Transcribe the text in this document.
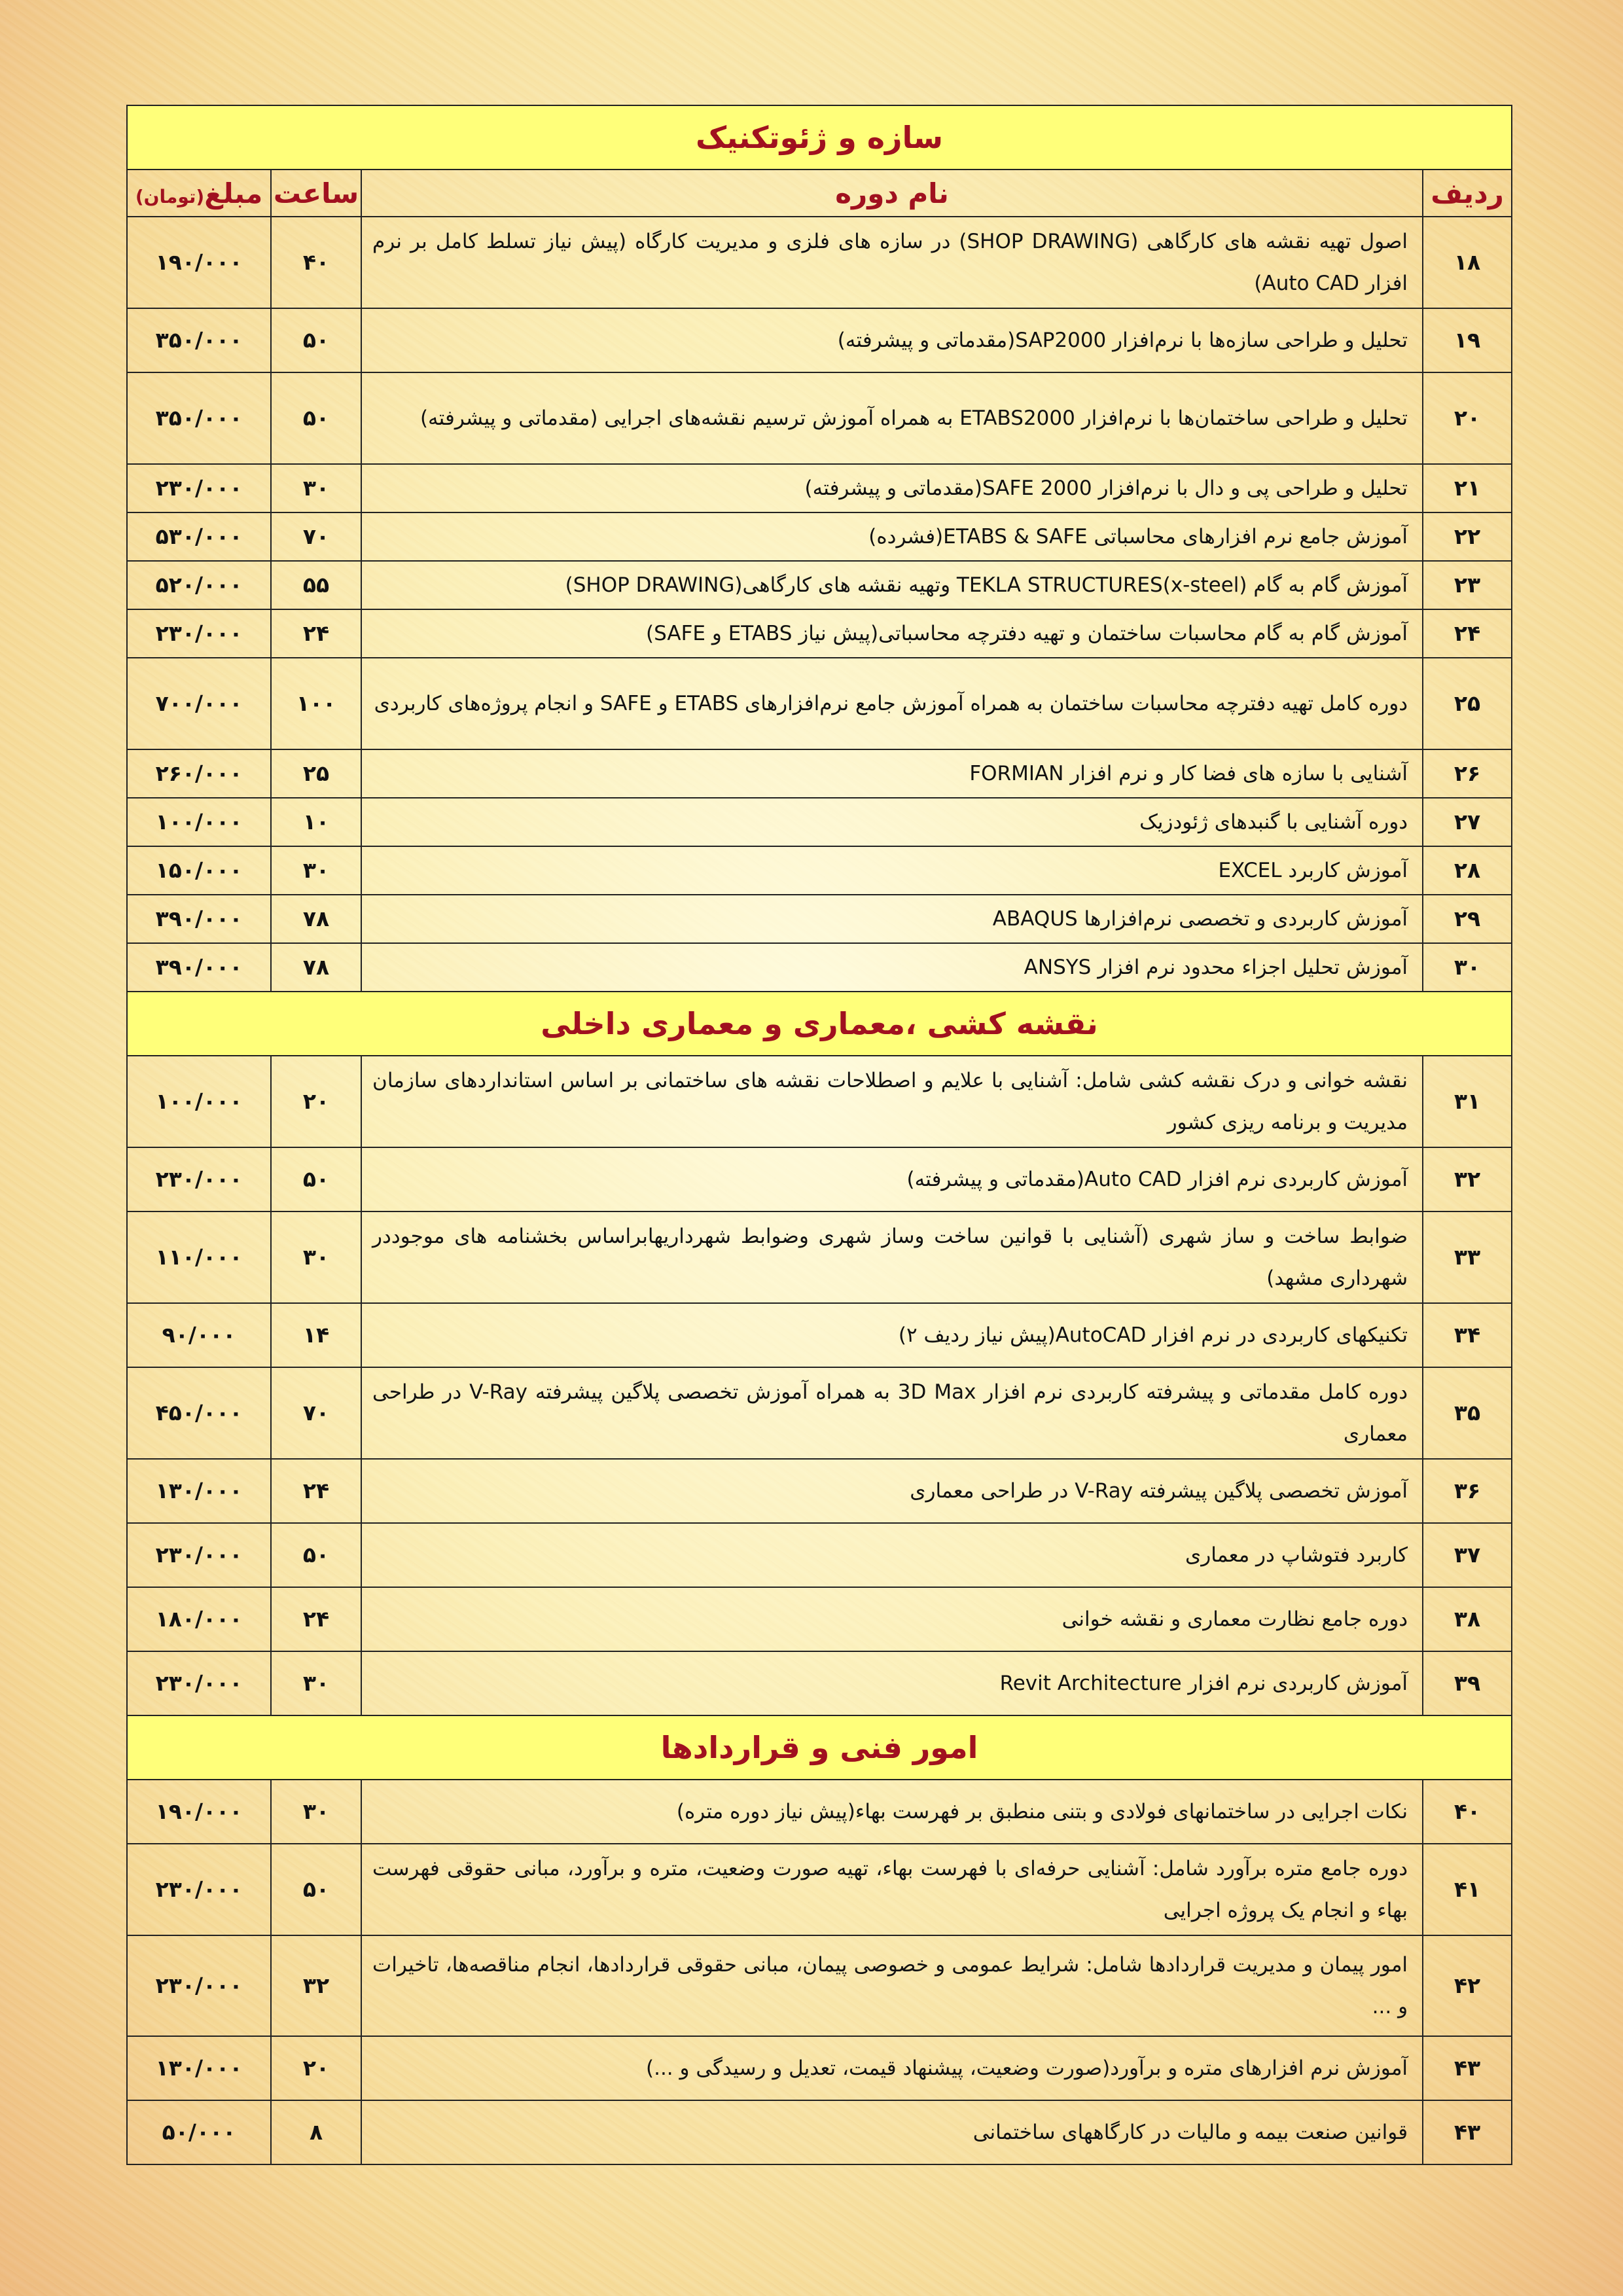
سازه و ژئوتکنیک			
ردیف	نام دوره	ساعت	مبلغ(تومان)
۱۸	اصول تهیه نقشه های کارگاهی (SHOP DRAWING) در سازه های فلزی و مدیریت کارگاه (پیش نیاز تسلط کامل بر نرم افزار Auto CAD)	۴۰	۱۹۰/۰۰۰
۱۹	تحلیل و طراحی سازه‌ها با نرم‌افزار SAP2000(مقدماتی و پیشرفته)	۵۰	۳۵۰/۰۰۰
۲۰	تحلیل و طراحی ساختمان‌ها با نرم‌افزار ETABS2000 به همراه آموزش ترسیم نقشه‌های اجرایی (مقدماتی و پیشرفته)	۵۰	۳۵۰/۰۰۰
۲۱	تحلیل و طراحی پی و دال با نرم‌افزار SAFE 2000(مقدماتی و پیشرفته)	۳۰	۲۳۰/۰۰۰
۲۲	آموزش جامع نرم افزارهای محاسباتی ETABS & SAFE(فشرده)	۷۰	۵۳۰/۰۰۰
۲۳	آموزش گام به گام TEKLA STRUCTURES(x-steel) وتهیه نقشه های کارگاهی(SHOP DRAWING)	۵۵	۵۲۰/۰۰۰
۲۴	آموزش گام به گام محاسبات ساختمان و تهیه دفترچه محاسباتی(پیش نیاز ETABS و SAFE)	۲۴	۲۳۰/۰۰۰
۲۵	دوره کامل تهیه دفترچه محاسبات ساختمان به همراه آموزش جامع نرم‌افزارهای ETABS و SAFE و انجام پروژه‌های کاربردی	۱۰۰	۷۰۰/۰۰۰
۲۶	آشنایی با سازه های فضا کار و نرم افزار FORMIAN	۲۵	۲۶۰/۰۰۰
۲۷	دوره آشنایی با گنبدهای ژئودزیک	۱۰	۱۰۰/۰۰۰
۲۸	آموزش کاربرد EXCEL	۳۰	۱۵۰/۰۰۰
۲۹	آموزش کاربردی و تخصصی نرم‌افزارها ABAQUS	۷۸	۳۹۰/۰۰۰
۳۰	آموزش تحلیل اجزاء محدود نرم افزار ANSYS	۷۸	۳۹۰/۰۰۰
نقشه کشی ،معماری و معماری داخلی			
۳۱	نقشه خوانی و درک نقشه کشی شامل: آشنایی با علایم و اصطلاحات نقشه های ساختمانی بر اساس استانداردهای سازمان مدیریت و برنامه ریزی کشور	۲۰	۱۰۰/۰۰۰
۳۲	آموزش کاربردی نرم افزار Auto CAD(مقدماتی و پیشرفته)	۵۰	۲۳۰/۰۰۰
۳۳	ضوابط ساخت و ساز شهری (آشنایی با قوانین ساخت وساز شهری وضوابط شهرداریهابراساس بخشنامه های موجوددر شهرداری مشهد)	۳۰	۱۱۰/۰۰۰
۳۴	تکنیکهای کاربردی در نرم افزار AutoCAD(پیش نیاز ردیف ۲)	۱۴	۹۰/۰۰۰
۳۵	دوره کامل مقدماتی و پیشرفته کاربردی نرم افزار 3D Max به همراه آموزش تخصصی پلاگین پیشرفته V-Ray در طراحی معماری	۷۰	۴۵۰/۰۰۰
۳۶	آموزش تخصصی پلاگین پیشرفته V-Ray در طراحی معماری	۲۴	۱۳۰/۰۰۰
۳۷	کاربرد فتوشاپ در معماری	۵۰	۲۳۰/۰۰۰
۳۸	دوره جامع نظارت معماری و نقشه خوانی	۲۴	۱۸۰/۰۰۰
۳۹	آموزش کاربردی نرم افزار Revit Architecture	۳۰	۲۳۰/۰۰۰
امور فنی و قراردادها			
۴۰	نکات اجرایی در ساختمانهای فولادی و بتنی منطبق بر فهرست بهاء(پیش نیاز دوره متره)	۳۰	۱۹۰/۰۰۰
۴۱	دوره جامع متره برآورد شامل: آشنایی حرفه‌ای با فهرست بهاء، تهیه صورت وضعیت، متره و برآورد، مبانی حقوقی فهرست بهاء و انجام یک پروژه اجرایی	۵۰	۲۳۰/۰۰۰
۴۲	امور پیمان و مدیریت قراردادها شامل: شرایط عمومی و خصوصی پیمان، مبانی حقوقی قراردادها، انجام مناقصه‌ها، تاخیرات و ...	۳۲	۲۳۰/۰۰۰
۴۳	آموزش نرم افزارهای متره و برآورد(صورت وضعیت، پیشنهاد قیمت، تعدیل و رسیدگی و ...)	۲۰	۱۳۰/۰۰۰
۴۳	قوانین صنعت بیمه و مالیات در کارگاههای ساختمانی	۸	۵۰/۰۰۰
